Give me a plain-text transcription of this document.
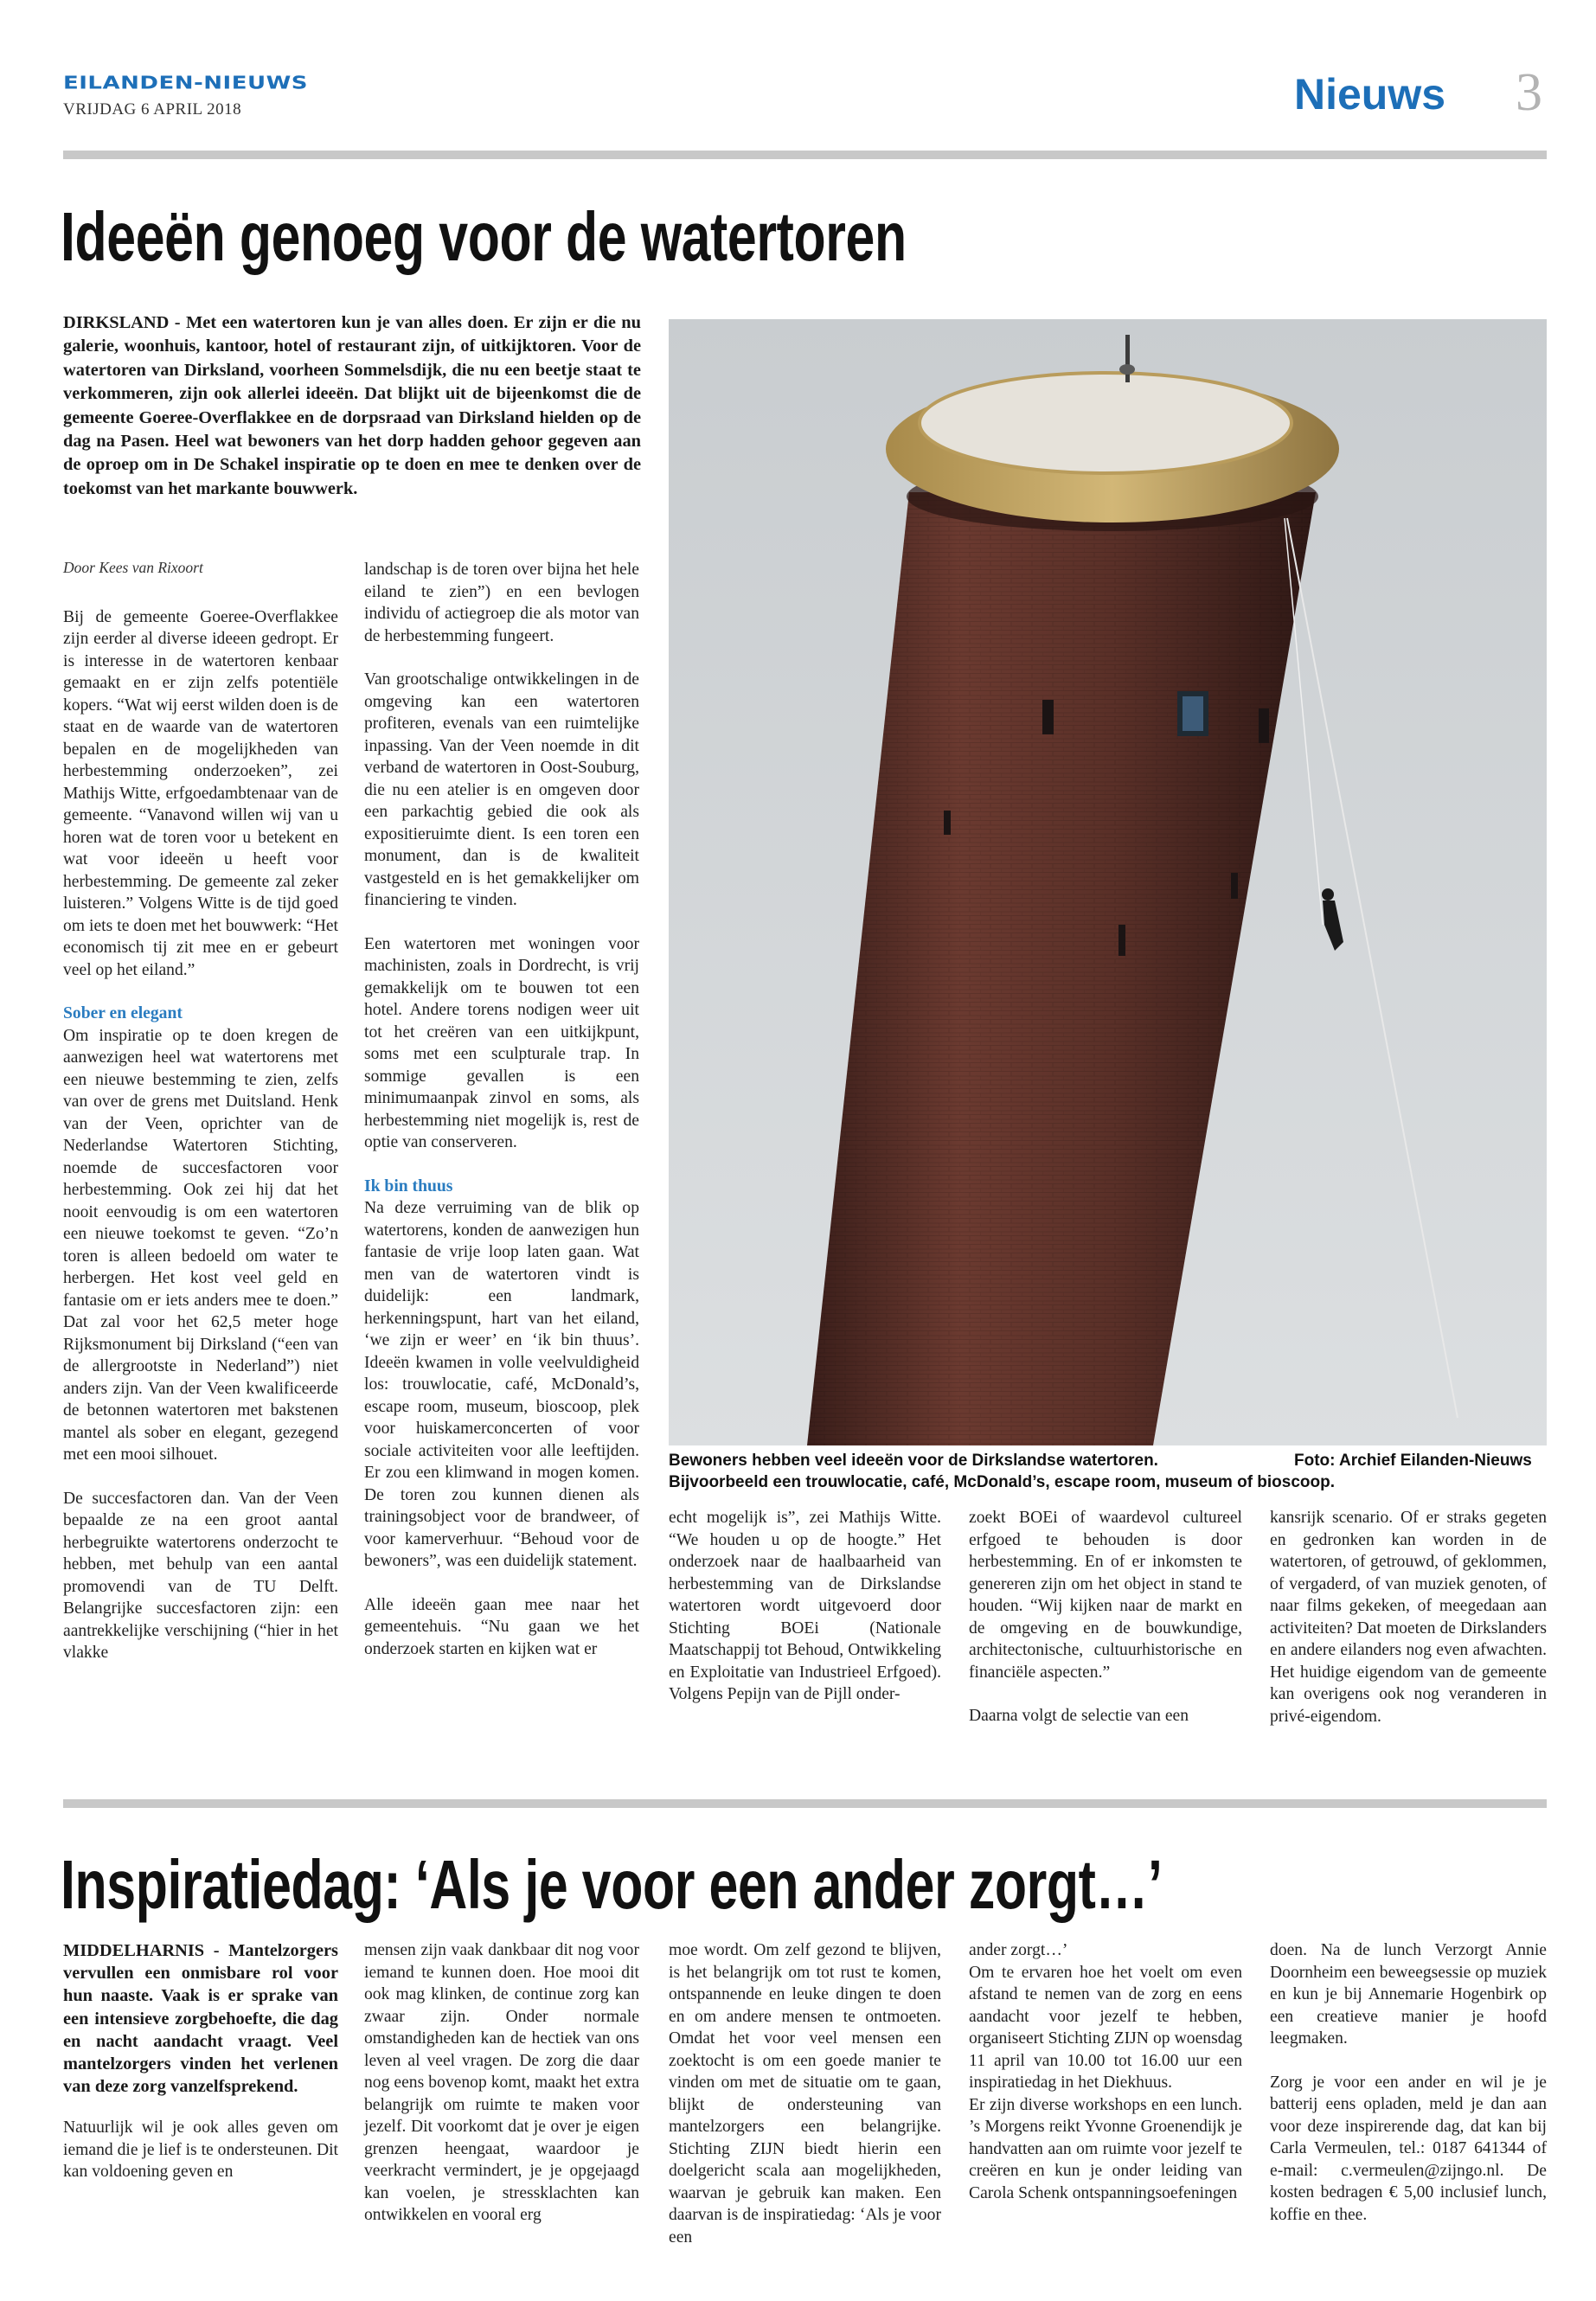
EILANDEN-NIEUWS
VRIJDAG 6 APRIL 2018	Nieuws 3
Ideeën genoeg voor de watertoren
DIRKSLAND - Met een watertoren kun je van alles doen. Er zijn er die nu galerie, woonhuis, kantoor, hotel of restaurant zijn, of uitkijktoren. Voor de watertoren van Dirksland, voorheen Sommelsdijk, die nu een beetje staat te verkommeren, zijn ook allerlei ideeën. Dat blijkt uit de bijeenkomst die de gemeente Goeree-Overflakkee en de dorpsraad van Dirksland hielden op de dag na Pasen. Heel wat bewoners van het dorp hadden gehoor gegeven aan de oproep om in De Schakel inspiratie op te doen en mee te denken over de toekomst van het markante bouwwerk.

Door Kees van Rixoort

Bij de gemeente Goeree-Overflakkee zijn eerder al diverse ideeen gedropt. Er is interesse in de watertoren kenbaar gemaakt en er zijn zelfs potentiële kopers. “Wat wij eerst wilden doen is de staat en de waarde van de watertoren bepalen en de mogelijkheden van herbestemming onderzoeken”, zei Mathijs Witte, erfgoedambtenaar van de gemeente. “Vanavond willen wij van u horen wat de toren voor u betekent en wat voor ideeën u heeft voor herbestemming. De gemeente zal zeker luisteren.” Volgens Witte is de tijd goed om iets te doen met het bouwwerk: “Het economisch tij zit mee en er gebeurt veel op het eiland.”

Sober en elegant

Om inspiratie op te doen kregen de aanwezigen heel wat watertorens met een nieuwe bestemming te zien, zelfs van over de grens met Duitsland. Henk van der Veen, oprichter van de Nederlandse Watertoren Stichting, noemde de succesfactoren voor herbestemming. Ook zei hij dat het nooit eenvoudig is om een watertoren een nieuwe toekomst te geven. “Zo’n toren is alleen bedoeld om water te herbergen. Het kost veel geld en fantasie om er iets anders mee te doen.” Dat zal voor het 62,5 meter hoge Rijksmonument bij Dirksland (“een van de allergrootste in Nederland”) niet anders zijn. Van der Veen kwalificeerde de betonnen watertoren met bakstenen mantel als sober en elegant, gezegend met een mooi silhouet.

De succesfactoren dan. Van der Veen bepaalde ze na een groot aantal herbegruikte watertorens onderzocht te hebben, met behulp van een aantal promovendi van de TU Delft. Belangrijke succesfactoren zijn: een aantrekkelijke verschijning (“hier in het vlakke

landschap is de toren over bijna het hele eiland te zien”) en een bevlogen individu of actiegroep die als motor van de herbestemming fungeert.

Van grootschalige ontwikkelingen in de omgeving kan een watertoren profiteren, evenals van een ruimtelijke inpassing. Van der Veen noemde in dit verband de watertoren in Oost-Souburg, die nu een atelier is en omgeven door een parkachtig gebied die ook als expositieruimte dient. Is een toren een monument, dan is de kwaliteit vastgesteld en is het gemakkelijker om financiering te vinden.

Een watertoren met woningen voor machinisten, zoals in Dordrecht, is vrij gemakkelijk om te bouwen tot een hotel. Andere torens nodigen weer uit tot het creëren van een uitkijkpunt, soms met een sculpturale trap. In sommige gevallen is een minimumaanpak zinvol en soms, als herbestemming niet mogelijk is, rest de optie van conserveren.

Ik bin thuus

Na deze verruiming van de blik op watertorens, konden de aanwezigen hun fantasie de vrije loop laten gaan. Wat men van de watertoren vindt is duidelijk: een landmark, herkenningspunt, hart van het eiland, ‘we zijn er weer’ en ‘ik bin thuus’. Ideeën kwamen in volle veelvuldigheid los: trouwlocatie, café, McDonald’s, escape room, museum, bioscoop, plek voor huiskamerconcerten of voor sociale activiteiten voor alle leeftijden. Er zou een klimwand in mogen komen. De toren zou kunnen dienen als trainingsobject voor de brandweer, of voor kamerverhuur. “Behoud voor de bewoners”, was een duidelijk statement.

Alle ideeën gaan mee naar het gemeentehuis. “Nu gaan we het onderzoek starten en kijken wat er

Bewoners hebben veel ideeën voor de Dirkslandse watertoren.	Foto: Archief Eilanden-Nieuws
Bijvoorbeeld een trouwlocatie, café, McDonald’s, escape room, museum of bioscoop.

echt mogelijk is”, zei Mathijs Witte. “We houden u op de hoogte.” Het onderzoek naar de haalbaarheid van herbestemming van de Dirkslandse watertoren wordt uitgevoerd door Stichting BOEi (Nationale Maatschappij tot Behoud, Ontwikkeling en Exploitatie van Industrieel Erfgoed). Volgens Pepijn van de Pijll onder-

zoekt BOEi of waardevol cultureel erfgoed te behouden is door herbestemming. En of er inkomsten te genereren zijn om het object in stand te houden. “Wij kijken naar de markt en de omgeving en de bouwkundige, architectonische, cultuurhistorische en financiële aspecten.”

Daarna volgt de selectie van een

kansrijk scenario. Of er straks gegeten en gedronken kan worden in de watertoren, of getrouwd, of geklommen, of vergaderd, of van muziek genoten, of naar films gekeken, of meegedaan aan activiteiten? Dat moeten de Dirkslanders en andere eilanders nog even afwachten. Het huidige eigendom van de gemeente kan overigens ook nog veranderen in privé-eigendom.

Inspiratiedag: ‘Als je voor een ander zorgt…’

MIDDELHARNIS - Mantelzorgers vervullen een onmisbare rol voor hun naaste. Vaak is er sprake van een intensieve zorgbehoefte, die dag en nacht aandacht vraagt. Veel mantelzorgers vinden het verlenen van deze zorg vanzelfsprekend.

Natuurlijk wil je ook alles geven om iemand die je lief is te ondersteunen. Dit kan voldoening geven en

mensen zijn vaak dankbaar dit nog voor iemand te kunnen doen. Hoe mooi dit ook mag klinken, de continue zorg kan zwaar zijn. Onder normale omstandigheden kan de hectiek van ons leven al veel vragen. De zorg die daar nog eens bovenop komt, maakt het extra belangrijk om ruimte te maken voor jezelf. Dit voorkomt dat je over je eigen grenzen heengaat, waardoor je veerkracht vermindert, je je opgejaagd kan voelen, je stressklachten kan ontwikkelen en vooral erg

moe wordt. Om zelf gezond te blijven, is het belangrijk om tot rust te komen, ontspannende en leuke dingen te doen en om andere mensen te ontmoeten. Omdat het voor veel mensen een zoektocht is om een goede manier te vinden om met de situatie om te gaan, blijkt de ondersteuning van mantelzorgers een belangrijke. Stichting ZIJN biedt hierin een doelgericht scala aan mogelijkheden, waarvan je gebruik kan maken. Een daarvan is de inspiratiedag: ‘Als je voor een

ander zorgt…’

Om te ervaren hoe het voelt om even afstand te nemen van de zorg en eens aandacht voor jezelf te hebben, organiseert Stichting ZIJN op woensdag 11 april van 10.00 tot 16.00 uur een inspiratiedag in het Diekhuus.

Er zijn diverse workshops en een lunch. ’s Morgens reikt Yvonne Groenendijk je handvatten aan om ruimte voor jezelf te creëren en kun je onder leiding van Carola Schenk ontspanningsoefeningen

doen. Na de lunch Verzorgt Annie Doornheim een beweegsessie op muziek en kun je bij Annemarie Hogenbirk op een creatieve manier je hoofd leegmaken.

Zorg je voor een ander en wil je je batterij eens opladen, meld je dan aan voor deze inspirerende dag, dat kan bij Carla Vermeulen, tel.: 0187 641344 of e-mail: c.vermeulen@zijngo.nl. De kosten bedragen € 5,00 inclusief lunch, koffie en thee.
